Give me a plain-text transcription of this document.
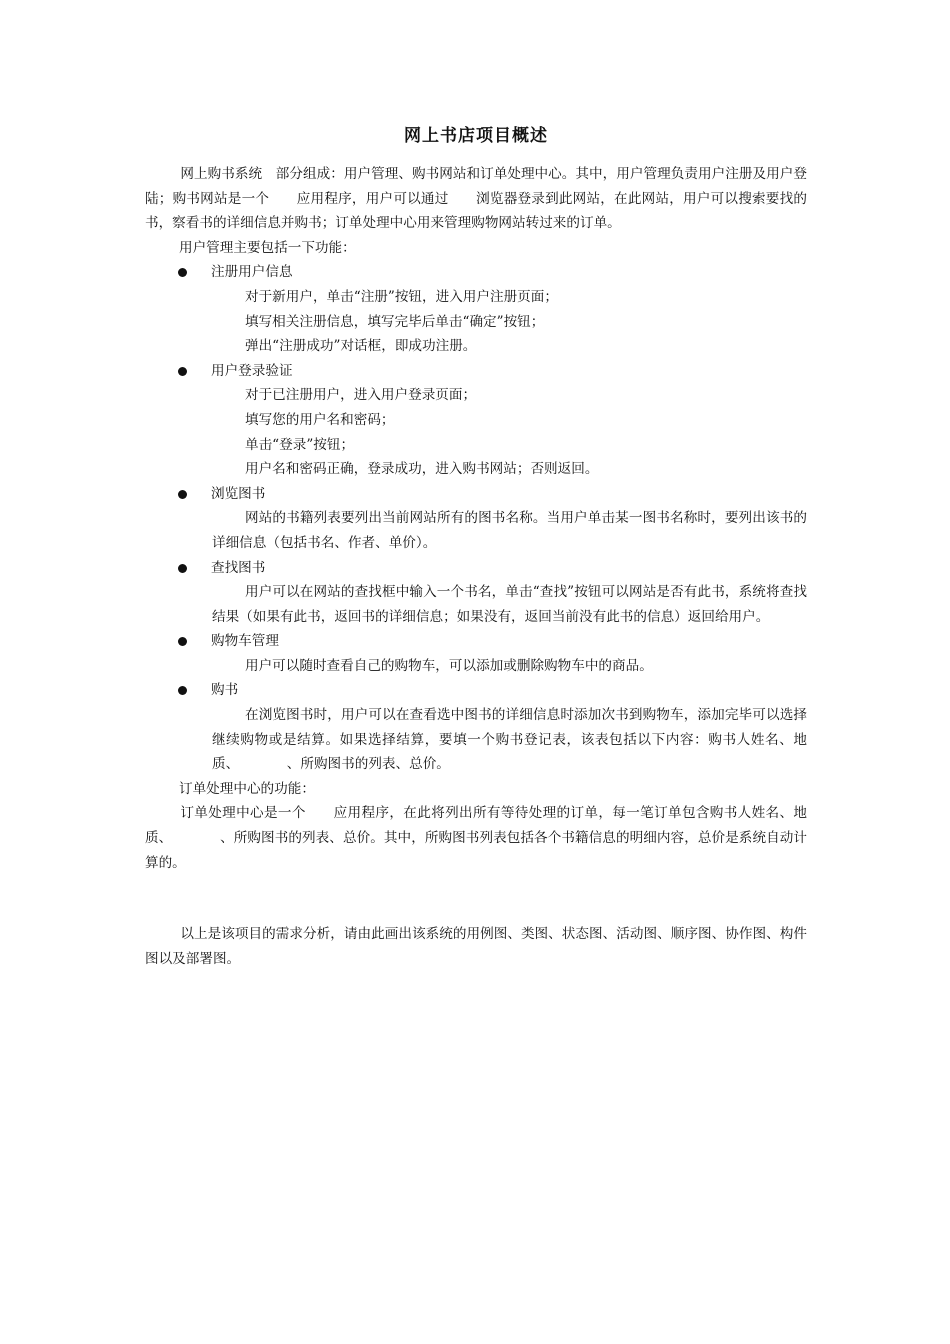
网上书店项目概述

网上购书系统　部分组成：用户管理、购书网站和订单处理中心。其中，用户管理负责用户注册及用户登陆；购书网站是一个　　应用程序，用户可以通过　　浏览器登录到此网站，在此网站，用户可以搜索要找的书，察看书的详细信息并购书；订单处理中心用来管理购物网站转过来的订单。

用户管理主要包括一下功能：

注册用户信息

对于新用户，单击“注册”按钮，进入用户注册页面；

填写相关注册信息，填写完毕后单击“确定”按钮；

弹出“注册成功”对话框，即成功注册。

用户登录验证

对于已注册用户，进入用户登录页面；

填写您的用户名和密码；

单击“登录”按钮；

用户名和密码正确，登录成功，进入购书网站；否则返回。

浏览图书

网站的书籍列表要列出当前网站所有的图书名称。当用户单击某一图书名称时，要列出该书的详细信息（包括书名、作者、单价）。

查找图书

用户可以在网站的查找框中输入一个书名，单击“查找”按钮可以网站是否有此书，系统将查找结果（如果有此书，返回书的详细信息；如果没有，返回当前没有此书的信息）返回给用户。

购物车管理

用户可以随时查看自己的购物车，可以添加或删除购物车中的商品。

购书

在浏览图书时，用户可以在查看选中图书的详细信息时添加次书到购物车，添加完毕可以选择继续购物或是结算。如果选择结算，要填一个购书登记表，该表包括以下内容：购书人姓名、地质、　　　　、所购图书的列表、总价。

订单处理中心的功能：

订单处理中心是一个　　应用程序，在此将列出所有等待处理的订单，每一笔订单包含购书人姓名、地质、　　　　、所购图书的列表、总价。其中，所购图书列表包括各个书籍信息的明细内容，总价是系统自动计算的。

以上是该项目的需求分析，请由此画出该系统的用例图、类图、状态图、活动图、顺序图、协作图、构件图以及部署图。
